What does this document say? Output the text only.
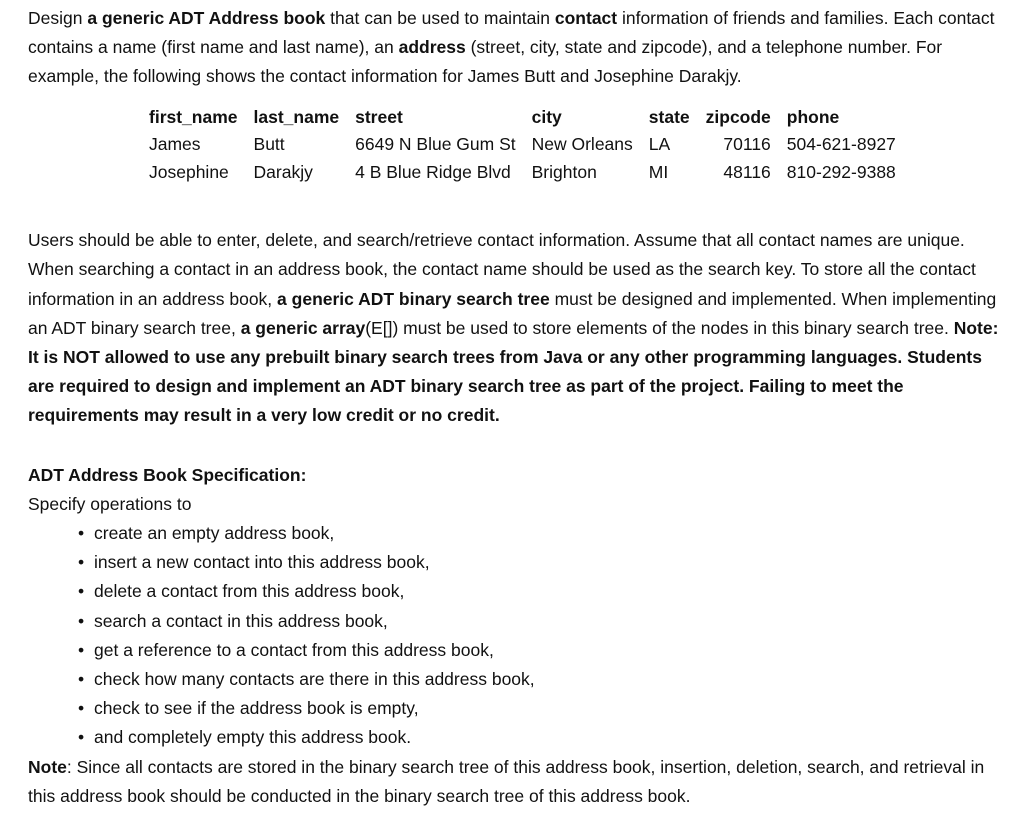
Design a generic ADT Address book that can be used to maintain contact information of friends and families. Each contact contains a name (first name and last name), an address (street, city, state and zipcode), and a telephone number. For example, the following shows the contact information for James Butt and Josephine Darakjy.

first_name	last_name	street	city	state	zipcode	phone
James	Butt	6649 N Blue Gum St	New Orleans	LA	70116	504-621-8927
Josephine	Darakjy	4 B Blue Ridge Blvd	Brighton	MI	48116	810-292-9388

Users should be able to enter, delete, and search/retrieve contact information. Assume that all contact names are unique. When searching a contact in an address book, the contact name should be used as the search key. To store all the contact information in an address book, a generic ADT binary search tree must be designed and implemented. When implementing an ADT binary search tree, a generic array(E[]) must be used to store elements of the nodes in this binary search tree. Note: It is NOT allowed to use any prebuilt binary search trees from Java or any other programming languages. Students are required to design and implement an ADT binary search tree as part of the project. Failing to meet the requirements may result in a very low credit or no credit.

ADT Address Book Specification:

Specify operations to

• create an empty address book,
• insert a new contact into this address book,
• delete a contact from this address book,
• search a contact in this address book,
• get a reference to a contact from this address book,
• check how many contacts are there in this address book,
• check to see if the address book is empty,
• and completely empty this address book.

Note: Since all contacts are stored in the binary search tree of this address book, insertion, deletion, search, and retrieval in this address book should be conducted in the binary search tree of this address book.
